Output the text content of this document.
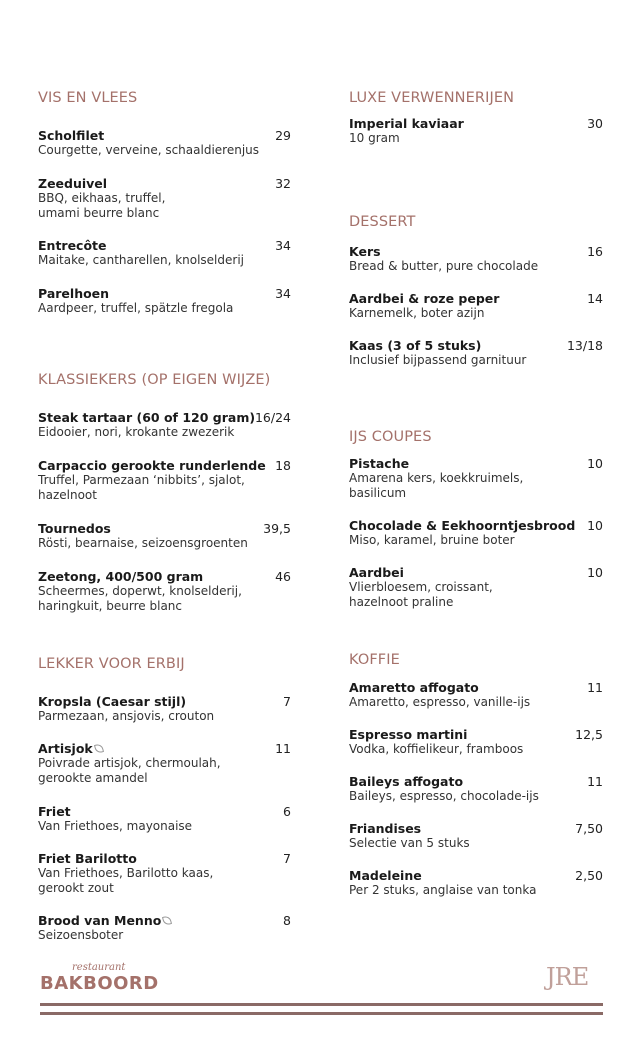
VIS EN VLEES
Scholfilet
Courgette, verveine, schaaldierenjus
29
Zeeduivel
BBQ, eikhaas, truffel,
umami beurre blanc
32
Entrecôte
Maitake, cantharellen, knolselderij
34
Parelhoen
Aardpeer, truffel, spätzle fregola
34
KLASSIEKERS (OP EIGEN WIJZE)
Steak tartaar (60 of 120 gram)
Eidooier, nori, krokante zwezerik
16/24
Carpaccio gerookte runderlende
Truffel, Parmezaan ‘nibbits’, sjalot,
hazelnoot
18
Tournedos
Rösti, bearnaise, seizoensgroenten
39,5
Zeetong, 400/500 gram
Scheermes, doperwt, knolselderij,
haringkuit, beurre blanc
46
LEKKER VOOR ERBIJ
Kropsla (Caesar stijl)
Parmezaan, ansjovis, crouton
7
Artisjok
Poivrade artisjok, chermoulah,
gerookte amandel
11
Friet
Van Friethoes, mayonaise
6
Friet Barilotto
Van Friethoes, Barilotto kaas,
gerookt zout
7
Brood van Menno
Seizoensboter
8
LUXE VERWENNERIJEN
Imperial kaviaar
10 gram
30
DESSERT
Kers
Bread & butter, pure chocolade
16
Aardbei & roze peper
Karnemelk, boter azijn
14
Kaas (3 of 5 stuks)
Inclusief bijpassend garnituur
13/18
IJS COUPES
Pistache
Amarena kers, koekkruimels,
basilicum
10
Chocolade & Eekhoorntjesbrood
Miso, karamel, bruine boter
10
Aardbei
Vlierbloesem, croissant,
hazelnoot praline
10
KOFFIE
Amaretto affogato
Amaretto, espresso, vanille-ijs
11
Espresso martini
Vodka, koffielikeur, framboos
12,5
Baileys affogato
Baileys, espresso, chocolade-ijs
11
Friandises
Selectie van 5 stuks
7,50
Madeleine
Per 2 stuks, anglaise van tonka
2,50
restaurant
BAKBOORD	JRE
